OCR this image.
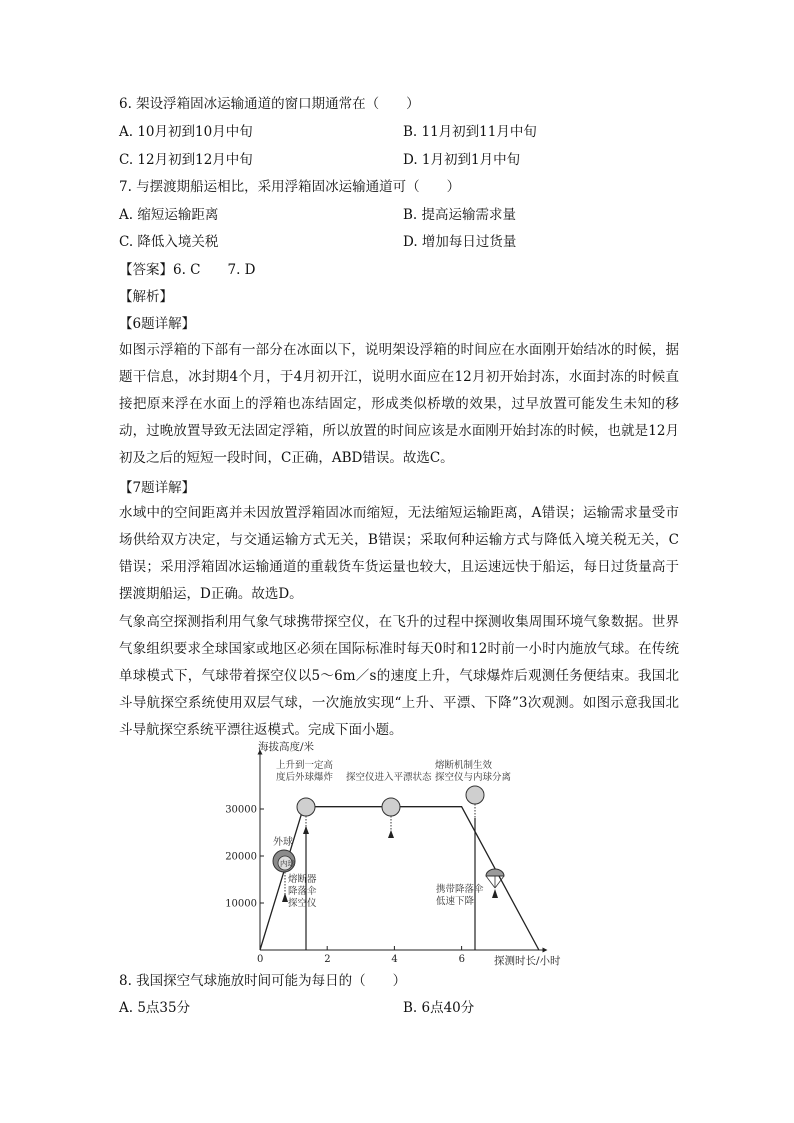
6. 架设浮箱固冰运输通道的窗口期通常在（　　）
A. 10月初到10月中旬	B. 11月初到11月中旬
C. 12月初到12月中旬	D. 1月初到1月中旬
7. 与摆渡期船运相比，采用浮箱固冰运输通道可（　　）
A. 缩短运输距离	B. 提高运输需求量
C. 降低入境关税	D. 增加每日过货量
【答案】6. C　　7. D
【解析】
【6题详解】
如图示浮箱的下部有一部分在冰面以下，说明架设浮箱的时间应在水面刚开始结冰的时候，据题干信息，冰封期4个月，于4月初开江，说明水面应在12月初开始封冻，水面封冻的时候直接把原来浮在水面上的浮箱也冻结固定，形成类似桥墩的效果，过早放置可能发生未知的移动，过晚放置导致无法固定浮箱，所以放置的时间应该是水面刚开始封冻的时候，也就是12月初及之后的短短一段时间，C正确，ABD错误。故选C。
【7题详解】
水域中的空间距离并未因放置浮箱固冰而缩短，无法缩短运输距离，A错误；运输需求量受市场供给双方决定，与交通运输方式无关，B错误；采取何种运输方式与降低入境关税无关，C错误；采用浮箱固冰运输通道的重载货车货运量也较大，且运速远快于船运，每日过货量高于摆渡期船运，D正确。故选D。
气象高空探测指利用气象气球携带探空仪，在飞升的过程中探测收集周围环境气象数据。世界气象组织要求全球国家或地区必须在国际标准时每天0时和12时前一小时内施放气球。在传统单球模式下，气球带着探空仪以5～6m／s的速度上升，气球爆炸后观测任务便结束。我国北斗导航探空系统使用双层气球，一次施放实现“上升、平漂、下降”3次观测。如图示意我国北斗导航探空系统平漂往返模式。完成下面小题。
海拔高度/米
探测时长/小时
0	2	4	6
10000
20000
30000
上升到一定高 度后外球爆炸	探空仪进入平漂状态
熔断机制生效 探空仪与内球分离
外球
内球
熔断器 降落伞 探空仪
携带降落伞 低速下降
8. 我国探空气球施放时间可能为每日的（　　）
A. 5点35分	B. 6点40分
